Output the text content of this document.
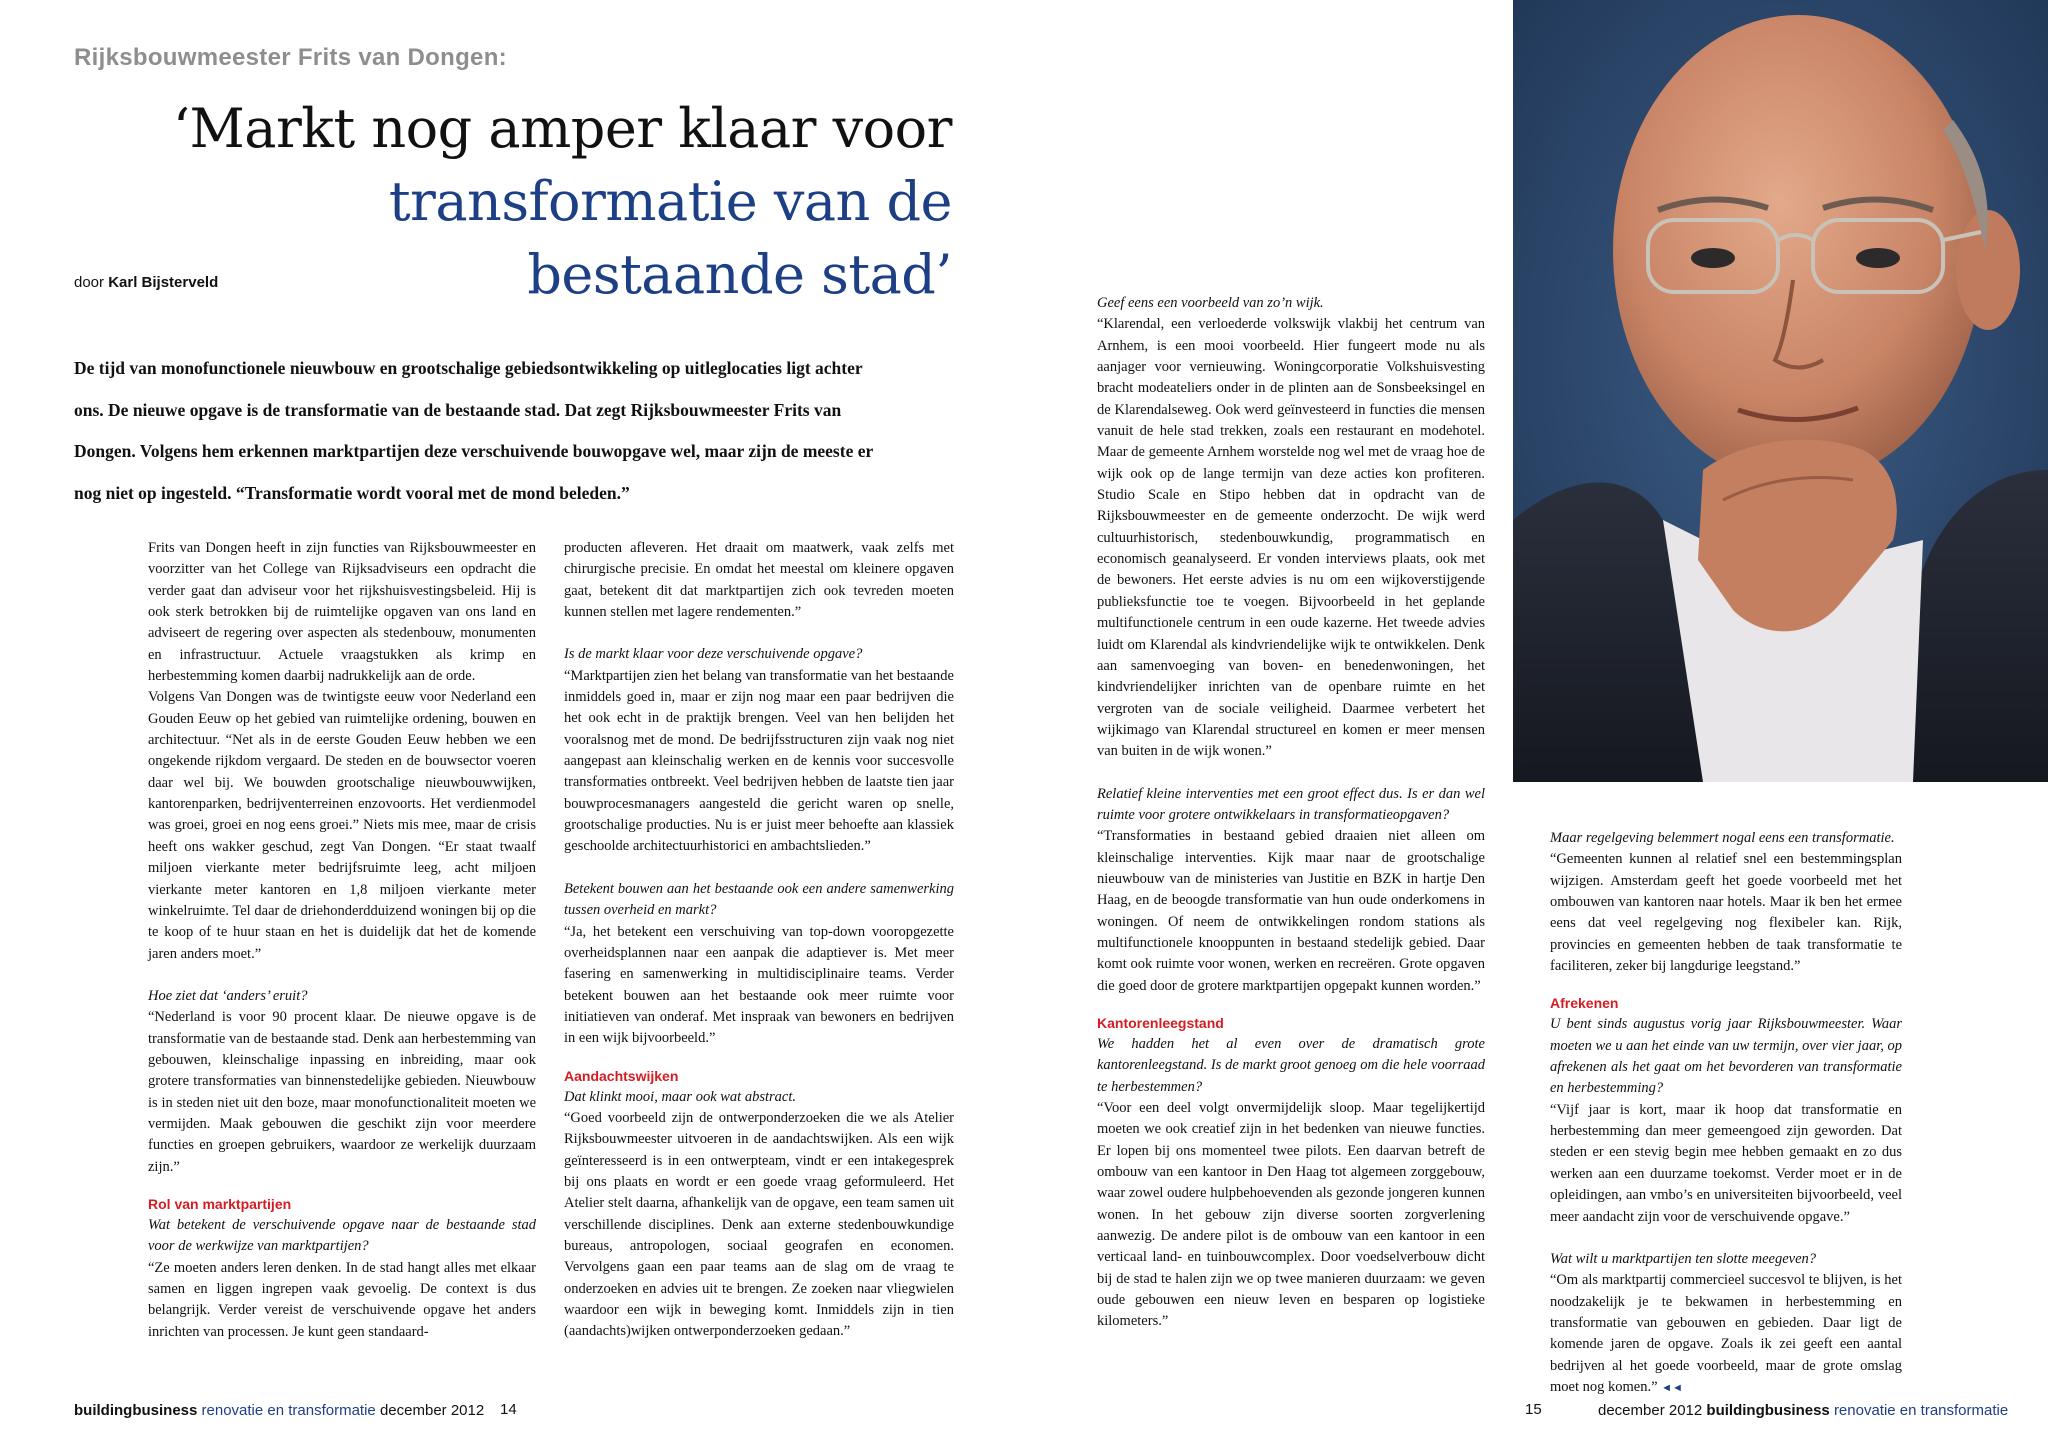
Rijksbouwmeester Frits van Dongen:
‘Markt nog amper klaar voor
transformatie van de
bestaande stad’
door Karl Bijsterveld
De tijd van monofunctionele nieuwbouw en grootschalige gebiedsontwikkeling op uitleglocaties ligt achter ons. De nieuwe opgave is de transformatie van de bestaande stad. Dat zegt Rijksbouwmeester Frits van Dongen. Volgens hem erkennen marktpartijen deze verschuivende bouwopgave wel, maar zijn de meeste er nog niet op ingesteld. “Transformatie wordt vooral met de mond beleden.”

Frits van Dongen heeft in zijn functies van Rijksbouwmeester en voorzitter van het College van Rijksadviseurs een opdracht die verder gaat dan adviseur voor het rijkshuisvestingsbeleid. Hij is ook sterk betrokken bij de ruimtelijke opgaven van ons land en adviseert de regering over aspecten als stedenbouw, monumenten en infrastructuur. Actuele vraagstukken als krimp en herbestemming komen daarbij nadrukkelijk aan de orde.

Volgens Van Dongen was de twintigste eeuw voor Nederland een Gouden Eeuw op het gebied van ruimtelijke ordening, bouwen en architectuur. “Net als in de eerste Gouden Eeuw hebben we een ongekende rijkdom vergaard. De steden en de bouwsector voeren daar wel bij. We bouwden grootschalige nieuwbouwwijken, kantorenparken, bedrijventerreinen enzovoorts. Het verdienmodel was groei, groei en nog eens groei.” Niets mis mee, maar de crisis heeft ons wakker geschud, zegt Van Dongen. “Er staat twaalf miljoen vierkante meter bedrijfsruimte leeg, acht miljoen vierkante meter kantoren en 1,8 miljoen vierkante meter winkelruimte. Tel daar de driehonderdduizend woningen bij op die te koop of te huur staan en het is duidelijk dat het de komende jaren anders moet.”

Hoe ziet dat ‘anders’ eruit?

“Nederland is voor 90 procent klaar. De nieuwe opgave is de transformatie van de bestaande stad. Denk aan herbestemming van gebouwen, kleinschalige inpassing en inbreiding, maar ook grotere transformaties van binnenstedelijke gebieden. Nieuwbouw is in steden niet uit den boze, maar monofunctionaliteit moeten we vermijden. Maak gebouwen die geschikt zijn voor meerdere functies en groepen gebruikers, waardoor ze werkelijk duurzaam zijn.”

Rol van marktpartijen

Wat betekent de verschuivende opgave naar de bestaande stad voor de werkwijze van marktpartijen?

“Ze moeten anders leren denken. In de stad hangt alles met elkaar samen en liggen ingrepen vaak gevoelig. De context is dus belangrijk. Verder vereist de verschuivende opgave het anders inrichten van processen. Je kunt geen standaard-

producten afleveren. Het draait om maatwerk, vaak zelfs met chirurgische precisie. En omdat het meestal om kleinere opgaven gaat, betekent dit dat marktpartijen zich ook tevreden moeten kunnen stellen met lagere rendementen.”

Is de markt klaar voor deze verschuivende opgave?

“Marktpartijen zien het belang van transformatie van het bestaande inmiddels goed in, maar er zijn nog maar een paar bedrijven die het ook echt in de praktijk brengen. Veel van hen belijden het vooralsnog met de mond. De bedrijfsstructuren zijn vaak nog niet aangepast aan kleinschalig werken en de kennis voor succesvolle transformaties ontbreekt. Veel bedrijven hebben de laatste tien jaar bouwprocesmanagers aangesteld die gericht waren op snelle, grootschalige producties. Nu is er juist meer behoefte aan klassiek geschoolde architectuurhistorici en ambachtslieden.”

Betekent bouwen aan het bestaande ook een andere samenwerking tussen overheid en markt?

“Ja, het betekent een verschuiving van top-down vooropgezette overheidsplannen naar een aanpak die adaptiever is. Met meer fasering en samenwerking in multidisciplinaire teams. Verder betekent bouwen aan het bestaande ook meer ruimte voor initiatieven van onderaf. Met inspraak van bewoners en bedrijven in een wijk bijvoorbeeld.”

Aandachtswijken

Dat klinkt mooi, maar ook wat abstract.

“Goed voorbeeld zijn de ontwerponderzoeken die we als Atelier Rijksbouwmeester uitvoeren in de aandachtswijken. Als een wijk geïnteresseerd is in een ontwerpteam, vindt er een intakegesprek bij ons plaats en wordt er een goede vraag geformuleerd. Het Atelier stelt daarna, afhankelijk van de opgave, een team samen uit verschillende disciplines. Denk aan externe stedenbouwkundige bureaus, antropologen, sociaal geografen en economen. Vervolgens gaan een paar teams aan de slag om de vraag te onderzoeken en advies uit te brengen. Ze zoeken naar vliegwielen waardoor een wijk in beweging komt. Inmiddels zijn in tien (aandachts)wijken ontwerponderzoeken gedaan.”

Geef eens een voorbeeld van zo’n wijk.

“Klarendal, een verloederde volkswijk vlakbij het centrum van Arnhem, is een mooi voorbeeld. Hier fungeert mode nu als aanjager voor vernieuwing. Woningcorporatie Volkshuisvesting bracht modeateliers onder in de plinten aan de Sonsbeeksingel en de Klarendalseweg. Ook werd geïnvesteerd in functies die mensen vanuit de hele stad trekken, zoals een restaurant en modehotel. Maar de gemeente Arnhem worstelde nog wel met de vraag hoe de wijk ook op de lange termijn van deze acties kon profiteren. Studio Scale en Stipo hebben dat in opdracht van de Rijksbouwmeester en de gemeente onderzocht. De wijk werd cultuurhistorisch, stedenbouwkundig, programmatisch en economisch geanalyseerd. Er vonden interviews plaats, ook met de bewoners. Het eerste advies is nu om een wijkoverstijgende publieksfunctie toe te voegen. Bijvoorbeeld in het geplande multifunctionele centrum in een oude kazerne. Het tweede advies luidt om Klarendal als kindvriendelijke wijk te ontwikkelen. Denk aan samenvoeging van boven- en benedenwoningen, het kindvriendelijker inrichten van de openbare ruimte en het vergroten van de sociale veiligheid. Daarmee verbetert het wijkimago van Klarendal structureel en komen er meer mensen van buiten in de wijk wonen.”

Relatief kleine interventies met een groot effect dus. Is er dan wel ruimte voor grotere ontwikkelaars in transformatieopgaven?

“Transformaties in bestaand gebied draaien niet alleen om kleinschalige interventies. Kijk maar naar de grootschalige nieuwbouw van de ministeries van Justitie en BZK in hartje Den Haag, en de beoogde transformatie van hun oude onderkomens in woningen. Of neem de ontwikkelingen rondom stations als multifunctionele knooppunten in bestaand stedelijk gebied. Daar komt ook ruimte voor wonen, werken en recreëren. Grote opgaven die goed door de grotere marktpartijen opgepakt kunnen worden.”

Kantorenleegstand

We hadden het al even over de dramatisch grote kantorenleegstand. Is de markt groot genoeg om die hele voorraad te herbestemmen?

“Voor een deel volgt onvermijdelijk sloop. Maar tegelijkertijd moeten we ook creatief zijn in het bedenken van nieuwe functies. Er lopen bij ons momenteel twee pilots. Een daarvan betreft de ombouw van een kantoor in Den Haag tot algemeen zorggebouw, waar zowel oudere hulpbehoevenden als gezonde jongeren kunnen wonen. In het gebouw zijn diverse soorten zorgverlening aanwezig. De andere pilot is de ombouw van een kantoor in een verticaal land- en tuinbouwcomplex. Door voedselverbouw dicht bij de stad te halen zijn we op twee manieren duurzaam: we geven oude gebouwen een nieuw leven en besparen op logistieke kilometers.”

Maar regelgeving belemmert nogal eens een transformatie.

“Gemeenten kunnen al relatief snel een bestemmingsplan wijzigen. Amsterdam geeft het goede voorbeeld met het ombouwen van kantoren naar hotels. Maar ik ben het ermee eens dat veel regelgeving nog flexibeler kan. Rijk, provincies en gemeenten hebben de taak transformatie te faciliteren, zeker bij langdurige leegstand.”

Afrekenen

U bent sinds augustus vorig jaar Rijksbouwmeester. Waar moeten we u aan het einde van uw termijn, over vier jaar, op afrekenen als het gaat om het bevorderen van transformatie en herbestemming?

“Vijf jaar is kort, maar ik hoop dat transformatie en herbestemming dan meer gemeengoed zijn geworden. Dat steden er een stevig begin mee hebben gemaakt en zo dus werken aan een duurzame toekomst. Verder moet er in de opleidingen, aan vmbo’s en universiteiten bijvoorbeeld, veel meer aandacht zijn voor de verschuivende opgave.”

Wat wilt u marktpartijen ten slotte meegeven?

“Om als marktpartij commercieel succesvol te blijven, is het noodzakelijk je te bekwamen in herbestemming en transformatie van gebouwen en gebieden. Daar ligt de komende jaren de opgave. Zoals ik zei geeft een aantal bedrijven al het goede voorbeeld, maar de grote omslag moet nog komen.” ◄◄

buildingbusiness renovatie en transformatie december 2012 14	15	december 2012 buildingbusiness renovatie en transformatie
